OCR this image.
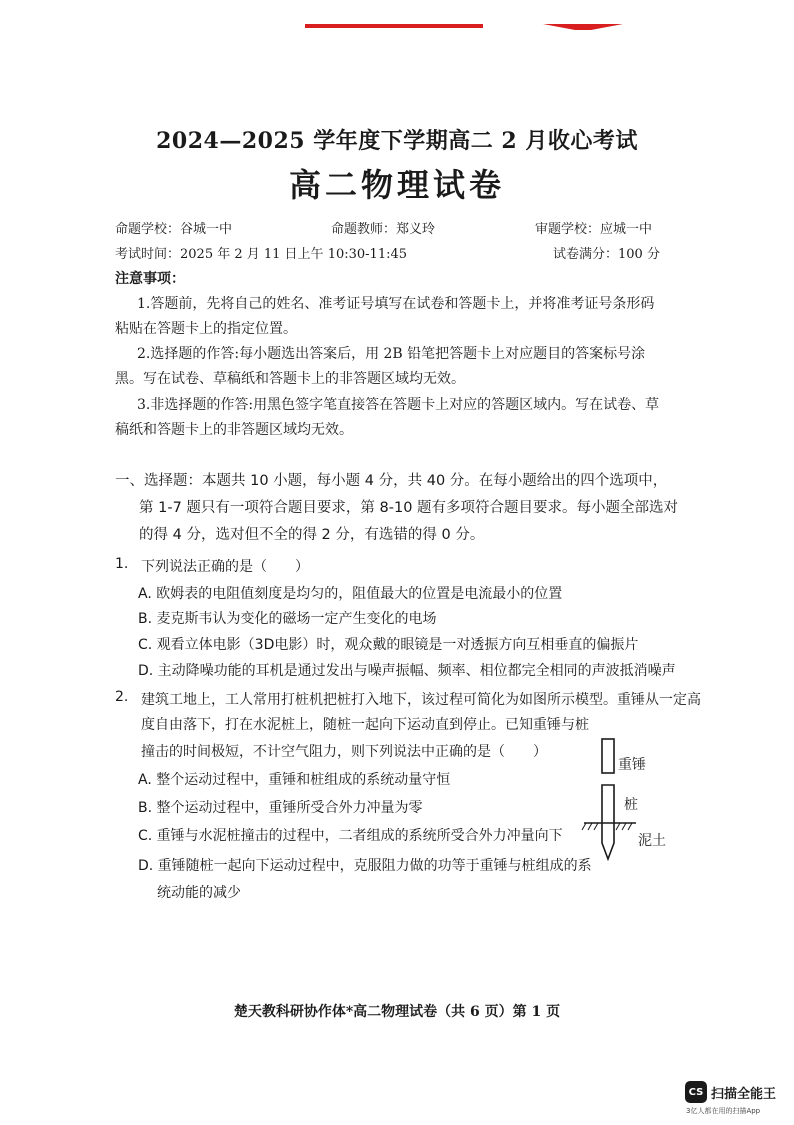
2024—2025 学年度下学期高二 2 月收心考试
高二物理试卷
命题学校：谷城一中	命题教师：郑义玲	审题学校：应城一中
考试时间：2025 年 2 月 11 日上午 10:30-11:45	试卷满分：100 分
注意事项：
1.答题前，先将自己的姓名、准考证号填写在试卷和答题卡上，并将准考证号条形码粘贴在答题卡上的指定位置。
2.选择题的作答:每小题选出答案后，用 2B 铅笔把答题卡上对应题目的答案标号涂黑。写在试卷、草稿纸和答题卡上的非答题区域均无效。
3.非选择题的作答:用黑色签字笔直接答在答题卡上对应的答题区域内。写在试卷、草稿纸和答题卡上的非答题区域均无效。
一、选择题：本题共 10 小题，每小题 4 分，共 40 分。在每小题给出的四个选项中，第 1-7 题只有一项符合题目要求，第 8-10 题有多项符合题目要求。每小题全部选对的得 4 分，选对但不全的得 2 分，有选错的得 0 分。
1. 下列说法正确的是（　　）
A. 欧姆表的电阻值刻度是均匀的，阻值最大的位置是电流最小的位置
B. 麦克斯韦认为变化的磁场一定产生变化的电场
C. 观看立体电影（3D电影）时，观众戴的眼镜是一对透振方向互相垂直的偏振片
D. 主动降噪功能的耳机是通过发出与噪声振幅、频率、相位都完全相同的声波抵消噪声
2. 建筑工地上，工人常用打桩机把桩打入地下，该过程可简化为如图所示模型。重锤从一定高
度自由落下，打在水泥桩上，随桩一起向下运动直到停止。已知重锤与桩
撞击的时间极短，不计空气阻力，则下列说法中正确的是（　　）
A. 整个运动过程中，重锤和桩组成的系统动量守恒
B. 整个运动过程中，重锤所受合外力冲量为零
C. 重锤与水泥桩撞击的过程中，二者组成的系统所受合外力冲量向下
D. 重锤随桩一起向下运动过程中，克服阻力做的功等于重锤与桩组成的系
统动能的减少
重锤
桩
泥土
楚天教科研协作体*高二物理试卷（共 6 页）第 1 页
CS 扫描全能王
3亿人都在用的扫描App
